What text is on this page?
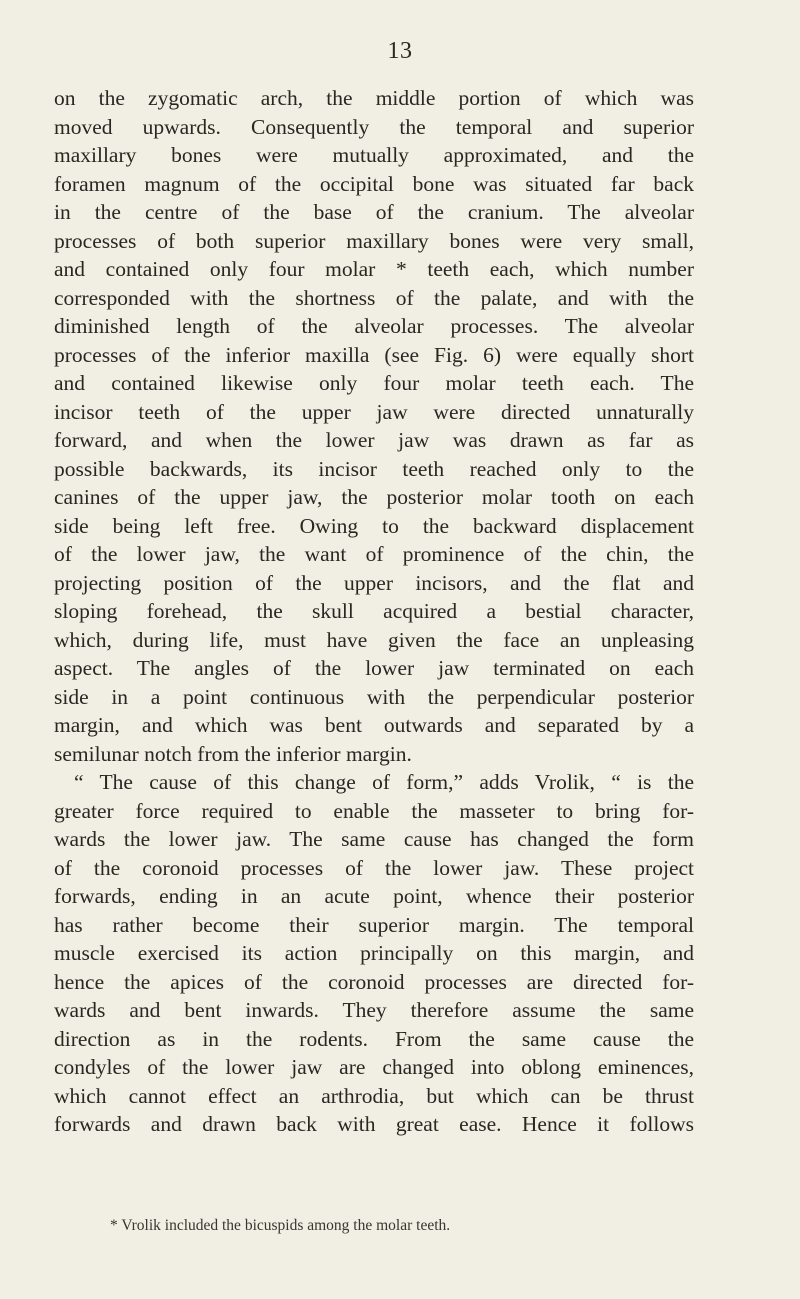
13
on the zygomatic arch, the middle portion of which was
moved upwards. Consequently the temporal and superior
maxillary bones were mutually approximated, and the
foramen magnum of the occipital bone was situated far back
in the centre of the base of the cranium. The alveolar
processes of both superior maxillary bones were very small,
and contained only four molar * teeth each, which number
corresponded with the shortness of the palate, and with the
diminished length of the alveolar processes. The alveolar
processes of the inferior maxilla (see Fig. 6) were equally short
and contained likewise only four molar teeth each. The
incisor teeth of the upper jaw were directed unnaturally
forward, and when the lower jaw was drawn as far as
possible backwards, its incisor teeth reached only to the
canines of the upper jaw, the posterior molar tooth on each
side being left free. Owing to the backward displacement
of the lower jaw, the want of prominence of the chin, the
projecting position of the upper incisors, and the flat and
sloping forehead, the skull acquired a bestial character,
which, during life, must have given the face an unpleasing
aspect. The angles of the lower jaw terminated on each
side in a point continuous with the perpendicular posterior
margin, and which was bent outwards and separated by a
semilunar notch from the inferior margin.
“ The cause of this change of form,” adds Vrolik, “ is the
greater force required to enable the masseter to bring for-
wards the lower jaw. The same cause has changed the form
of the coronoid processes of the lower jaw. These project
forwards, ending in an acute point, whence their posterior
has rather become their superior margin. The temporal
muscle exercised its action principally on this margin, and
hence the apices of the coronoid processes are directed for-
wards and bent inwards. They therefore assume the same
direction as in the rodents. From the same cause the
condyles of the lower jaw are changed into oblong eminences,
which cannot effect an arthrodia, but which can be thrust
forwards and drawn back with great ease. Hence it follows
* Vrolik included the bicuspids among the molar teeth.
